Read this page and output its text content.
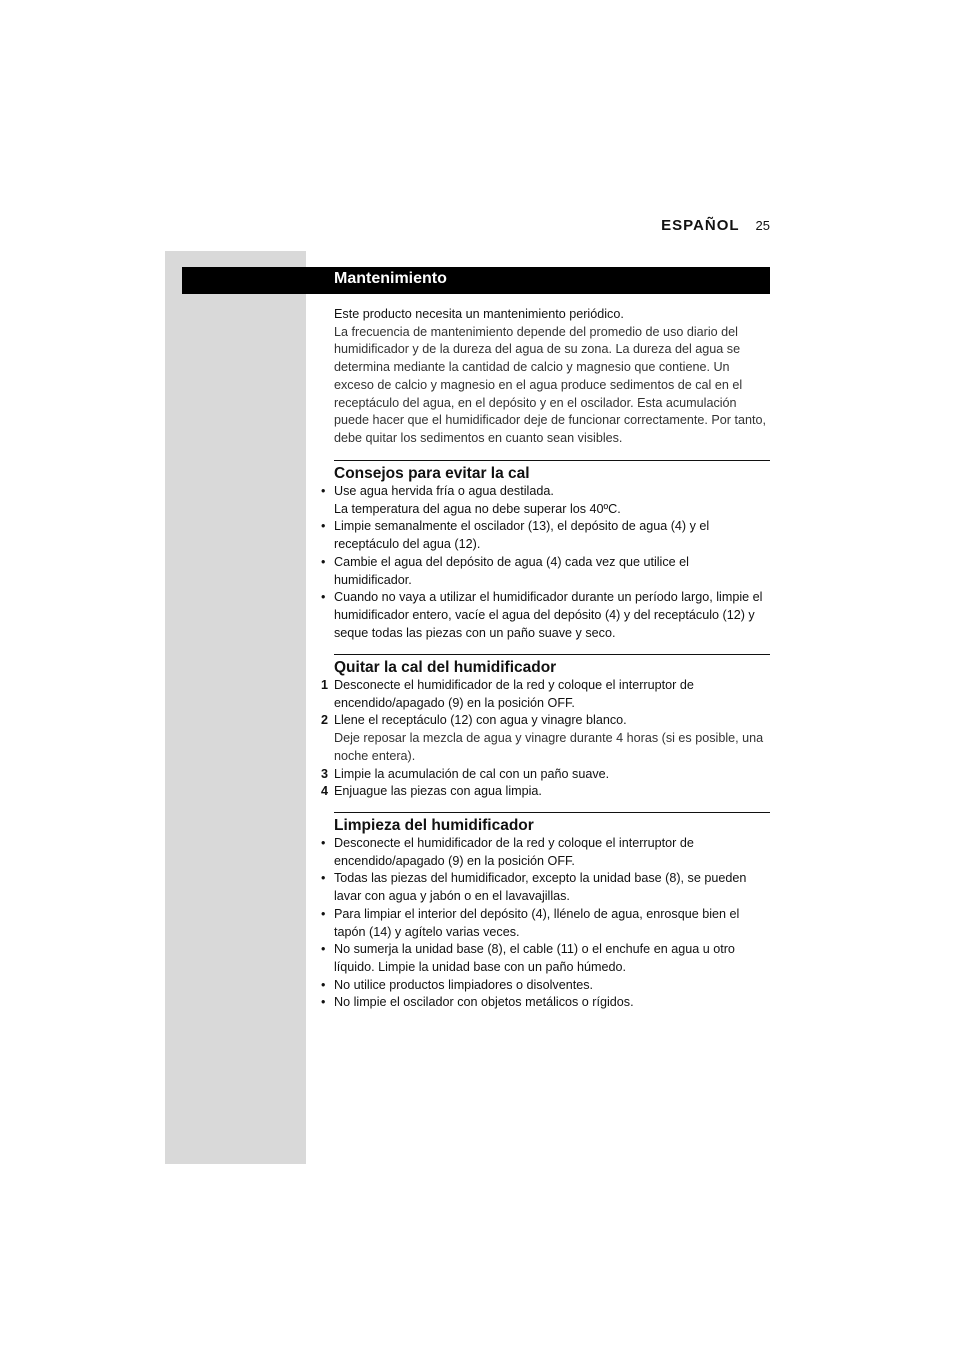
ESPAÑOL 25
Mantenimiento
Este producto necesita un mantenimiento periódico.
La frecuencia de mantenimiento depende del promedio de uso diario del humidificador y de la dureza del agua de su zona. La dureza del agua se determina mediante la cantidad de calcio y magnesio que contiene. Un exceso de calcio y magnesio en el agua produce sedimentos de cal en el receptáculo del agua, en el depósito y en el oscilador. Esta acumulación puede hacer que el humidificador deje de funcionar correctamente. Por tanto, debe quitar los sedimentos en cuanto sean visibles.
Consejos para evitar la cal
• Use agua hervida fría o agua destilada.
La temperatura del agua no debe superar los 40ºC.
• Limpie semanalmente el oscilador (13), el depósito de agua (4) y el receptáculo del agua (12).
• Cambie el agua del depósito de agua (4) cada vez que utilice el humidificador.
• Cuando no vaya a utilizar el humidificador durante un período largo, limpie el humidificador entero, vacíe el agua del depósito (4) y del receptáculo (12) y seque todas las piezas con un paño suave y seco.
Quitar la cal del humidificador
1 Desconecte el humidificador de la red y coloque el interruptor de encendido/apagado (9) en la posición OFF.
2 Llene el receptáculo (12) con agua y vinagre blanco.
Deje reposar la mezcla de agua y vinagre durante 4 horas (si es posible, una noche entera).
3 Limpie la acumulación de cal con un paño suave.
4 Enjuague las piezas con agua limpia.
Limpieza del humidificador
• Desconecte el humidificador de la red y coloque el interruptor de encendido/apagado (9) en la posición OFF.
• Todas las piezas del humidificador, excepto la unidad base (8), se pueden lavar con agua y jabón o en el lavavajillas.
• Para limpiar el interior del depósito (4), llénelo de agua, enrosque bien el tapón (14) y agítelo varias veces.
• No sumerja la unidad base (8), el cable (11) o el enchufe en agua u otro líquido. Limpie la unidad base con un paño húmedo.
• No utilice productos limpiadores o disolventes.
• No limpie el oscilador con objetos metálicos o rígidos.
